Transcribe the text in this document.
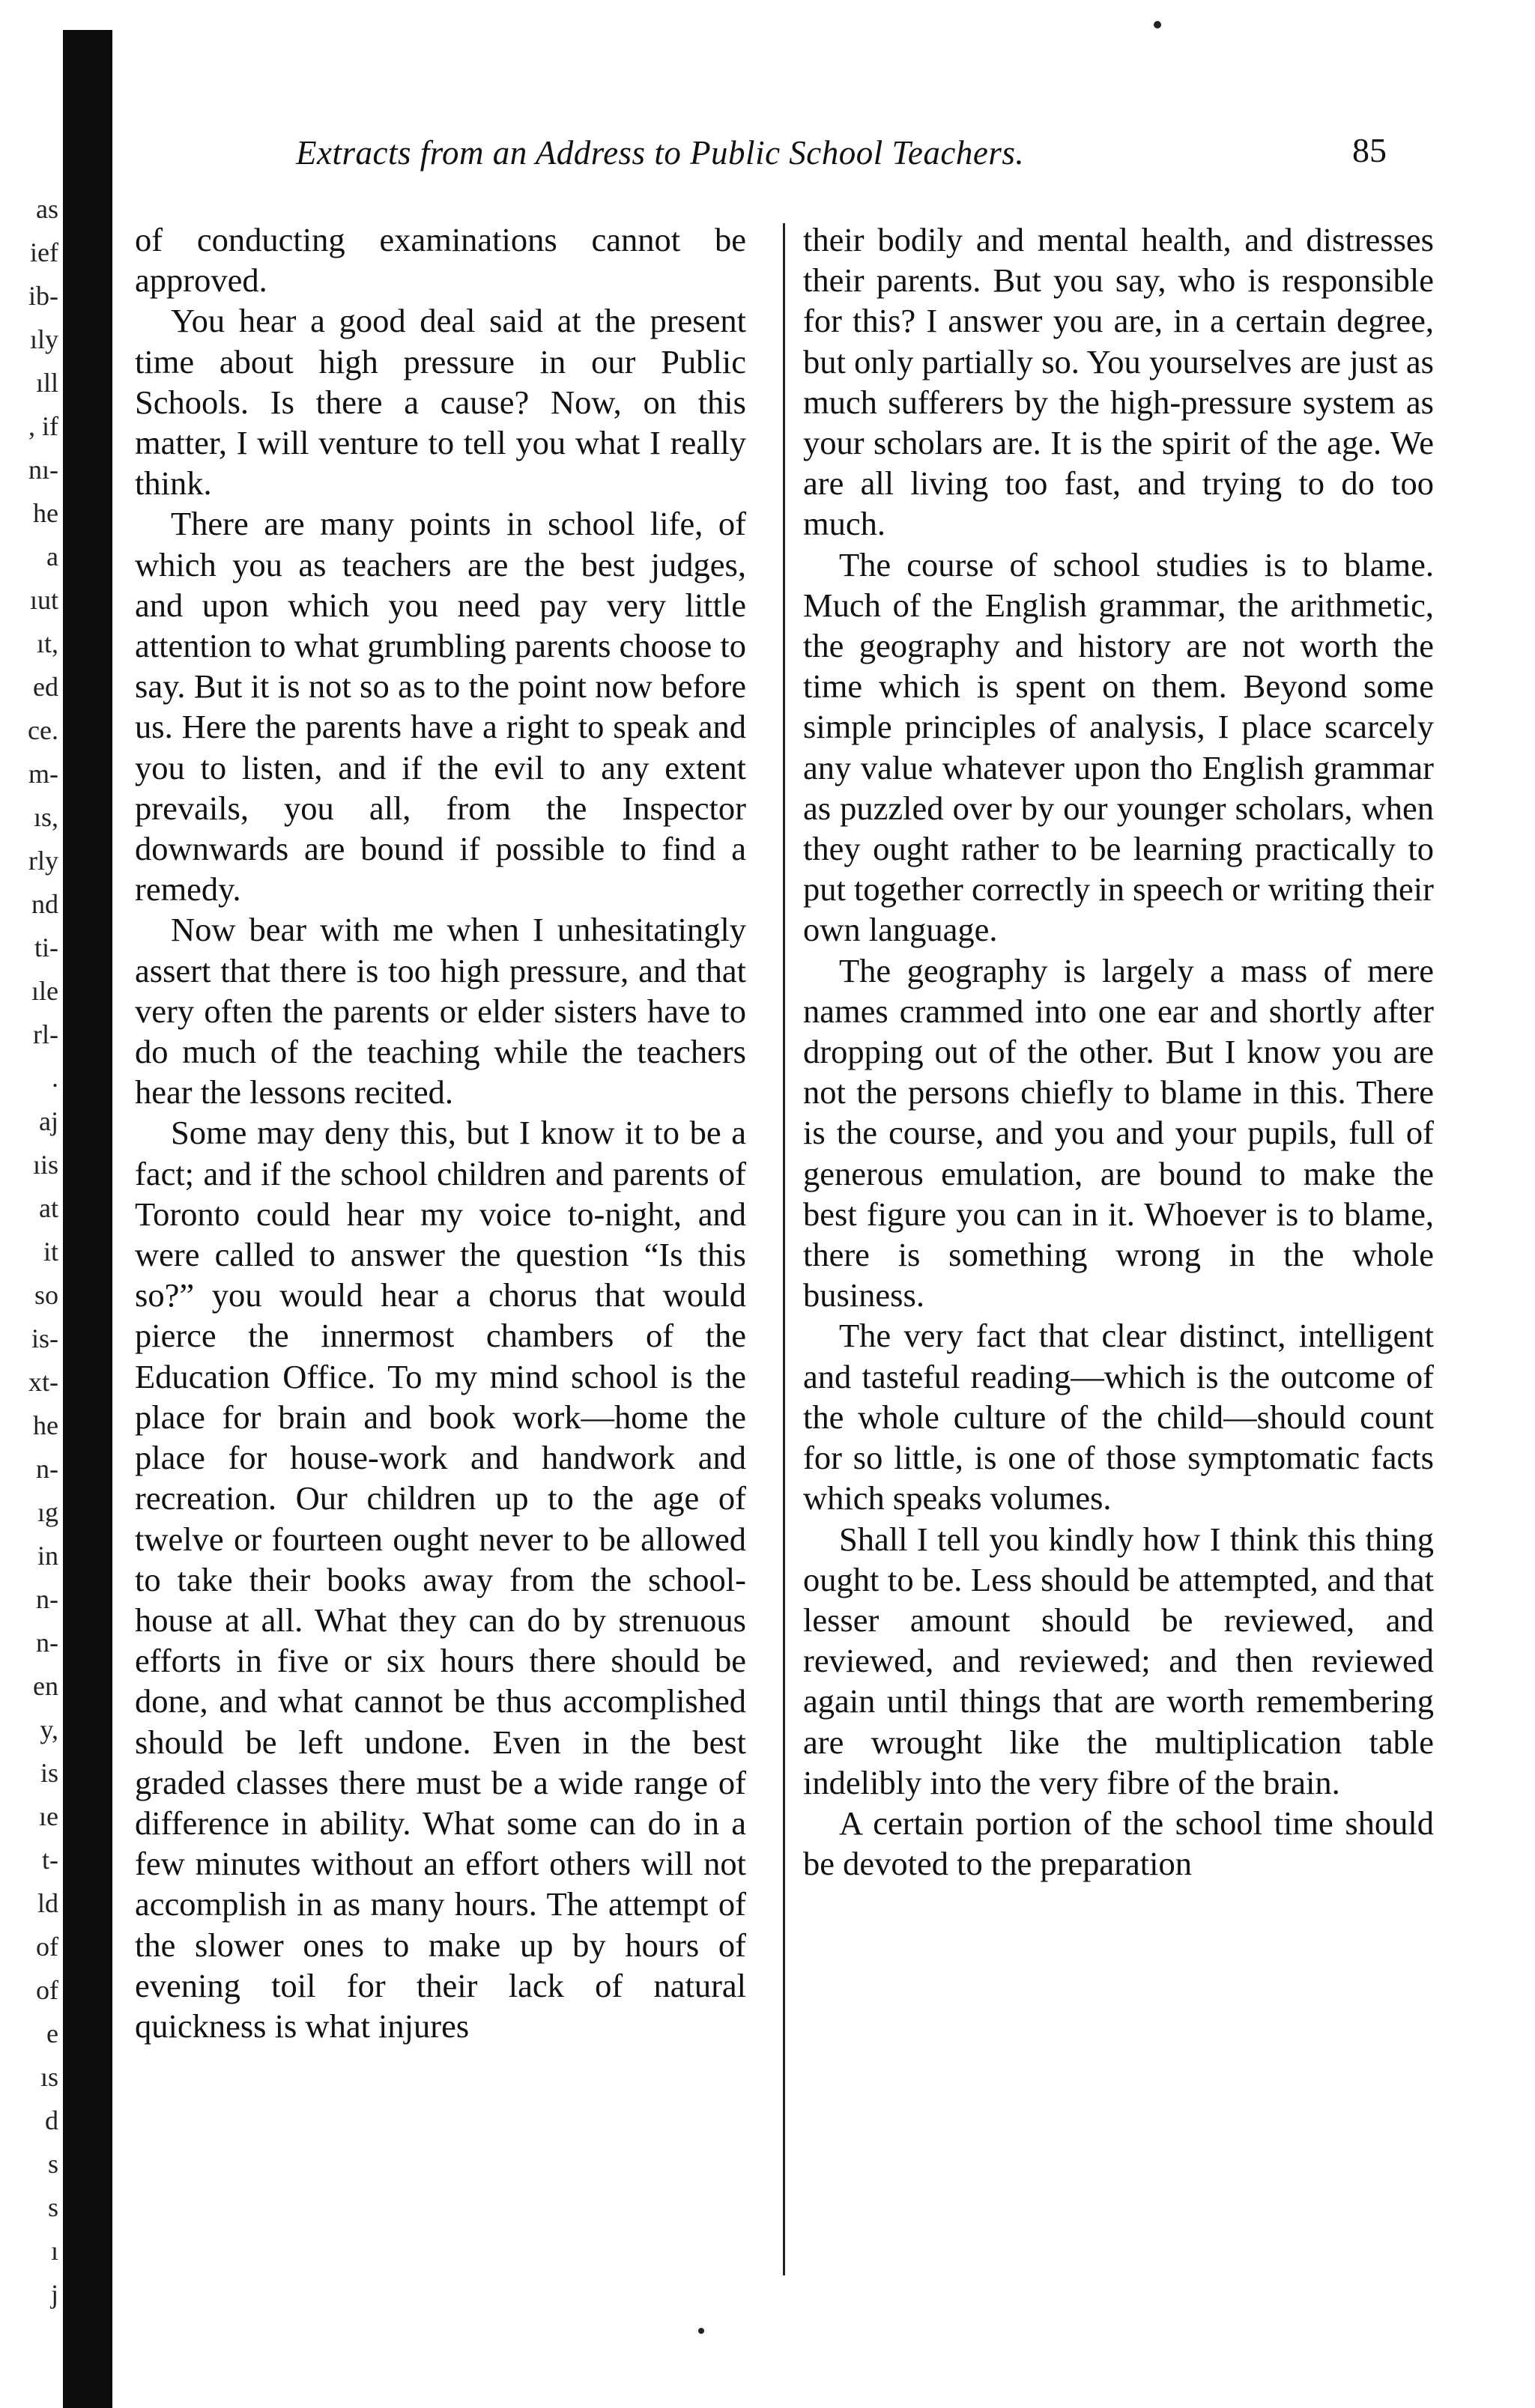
as
ief
ib-
ıly
ıll
, if
nı-
he
a
ıut
ıt,
ed
ce.
m-
ıs,
rly
nd
ti-
ıle
rl-
.
aj
ıis
at
it
so
is-
xt-
he
n-
ıg
in
n-
n-
en
y,
is
ıe
t-
ld
of
of
e
ıs
d
s
s
ı
j
Extracts from an Address to Public School Teachers.	85

of conducting examinations cannot be approved.

You hear a good deal said at the present time about high pressure in our Public Schools. Is there a cause? Now, on this matter, I will venture to tell you what I really think.

There are many points in school life, of which you as teachers are the best judges, and upon which you need pay very little attention to what grumbling parents choose to say. But it is not so as to the point now before us. Here the parents have a right to speak and you to listen, and if the evil to any extent prevails, you all, from the Inspector downwards are bound if possible to find a remedy.

Now bear with me when I unhesitatingly assert that there is too high pressure, and that very often the parents or elder sisters have to do much of the teaching while the teachers hear the lessons recited.

Some may deny this, but I know it to be a fact; and if the school children and parents of Toronto could hear my voice to-night, and were called to answer the question “Is this so?” you would hear a chorus that would pierce the innermost chambers of the Education Office. To my mind school is the place for brain and book work—home the place for house-work and handwork and recreation. Our children up to the age of twelve or fourteen ought never to be allowed to take their books away from the school-house at all. What they can do by strenuous efforts in five or six hours there should be done, and what cannot be thus accomplished should be left undone. Even in the best graded classes there must be a wide range of difference in ability. What some can do in a few minutes without an effort others will not accomplish in as many hours. The attempt of the slower ones to make up by hours of evening toil for their lack of natural quickness is what injures

their bodily and mental health, and distresses their parents. But you say, who is responsible for this? I answer you are, in a certain degree, but only partially so. You yourselves are just as much sufferers by the high-pressure system as your scholars are. It is the spirit of the age. We are all living too fast, and trying to do too much.

The course of school studies is to blame. Much of the English grammar, the arithmetic, the geography and history are not worth the time which is spent on them. Beyond some simple principles of analysis, I place scarcely any value whatever upon tho English grammar as puzzled over by our younger scholars, when they ought rather to be learning practically to put together correctly in speech or writing their own language.

The geography is largely a mass of mere names crammed into one ear and shortly after dropping out of the other. But I know you are not the persons chiefly to blame in this. There is the course, and you and your pupils, full of generous emulation, are bound to make the best figure you can in it. Whoever is to blame, there is something wrong in the whole business.

The very fact that clear distinct, intelligent and tasteful reading—which is the outcome of the whole culture of the child—should count for so little, is one of those symptomatic facts which speaks volumes.

Shall I tell you kindly how I think this thing ought to be. Less should be attempted, and that lesser amount should be reviewed, and reviewed, and reviewed; and then reviewed again until things that are worth remembering are wrought like the multiplication table indelibly into the very fibre of the brain.

A certain portion of the school time should be devoted to the preparation
